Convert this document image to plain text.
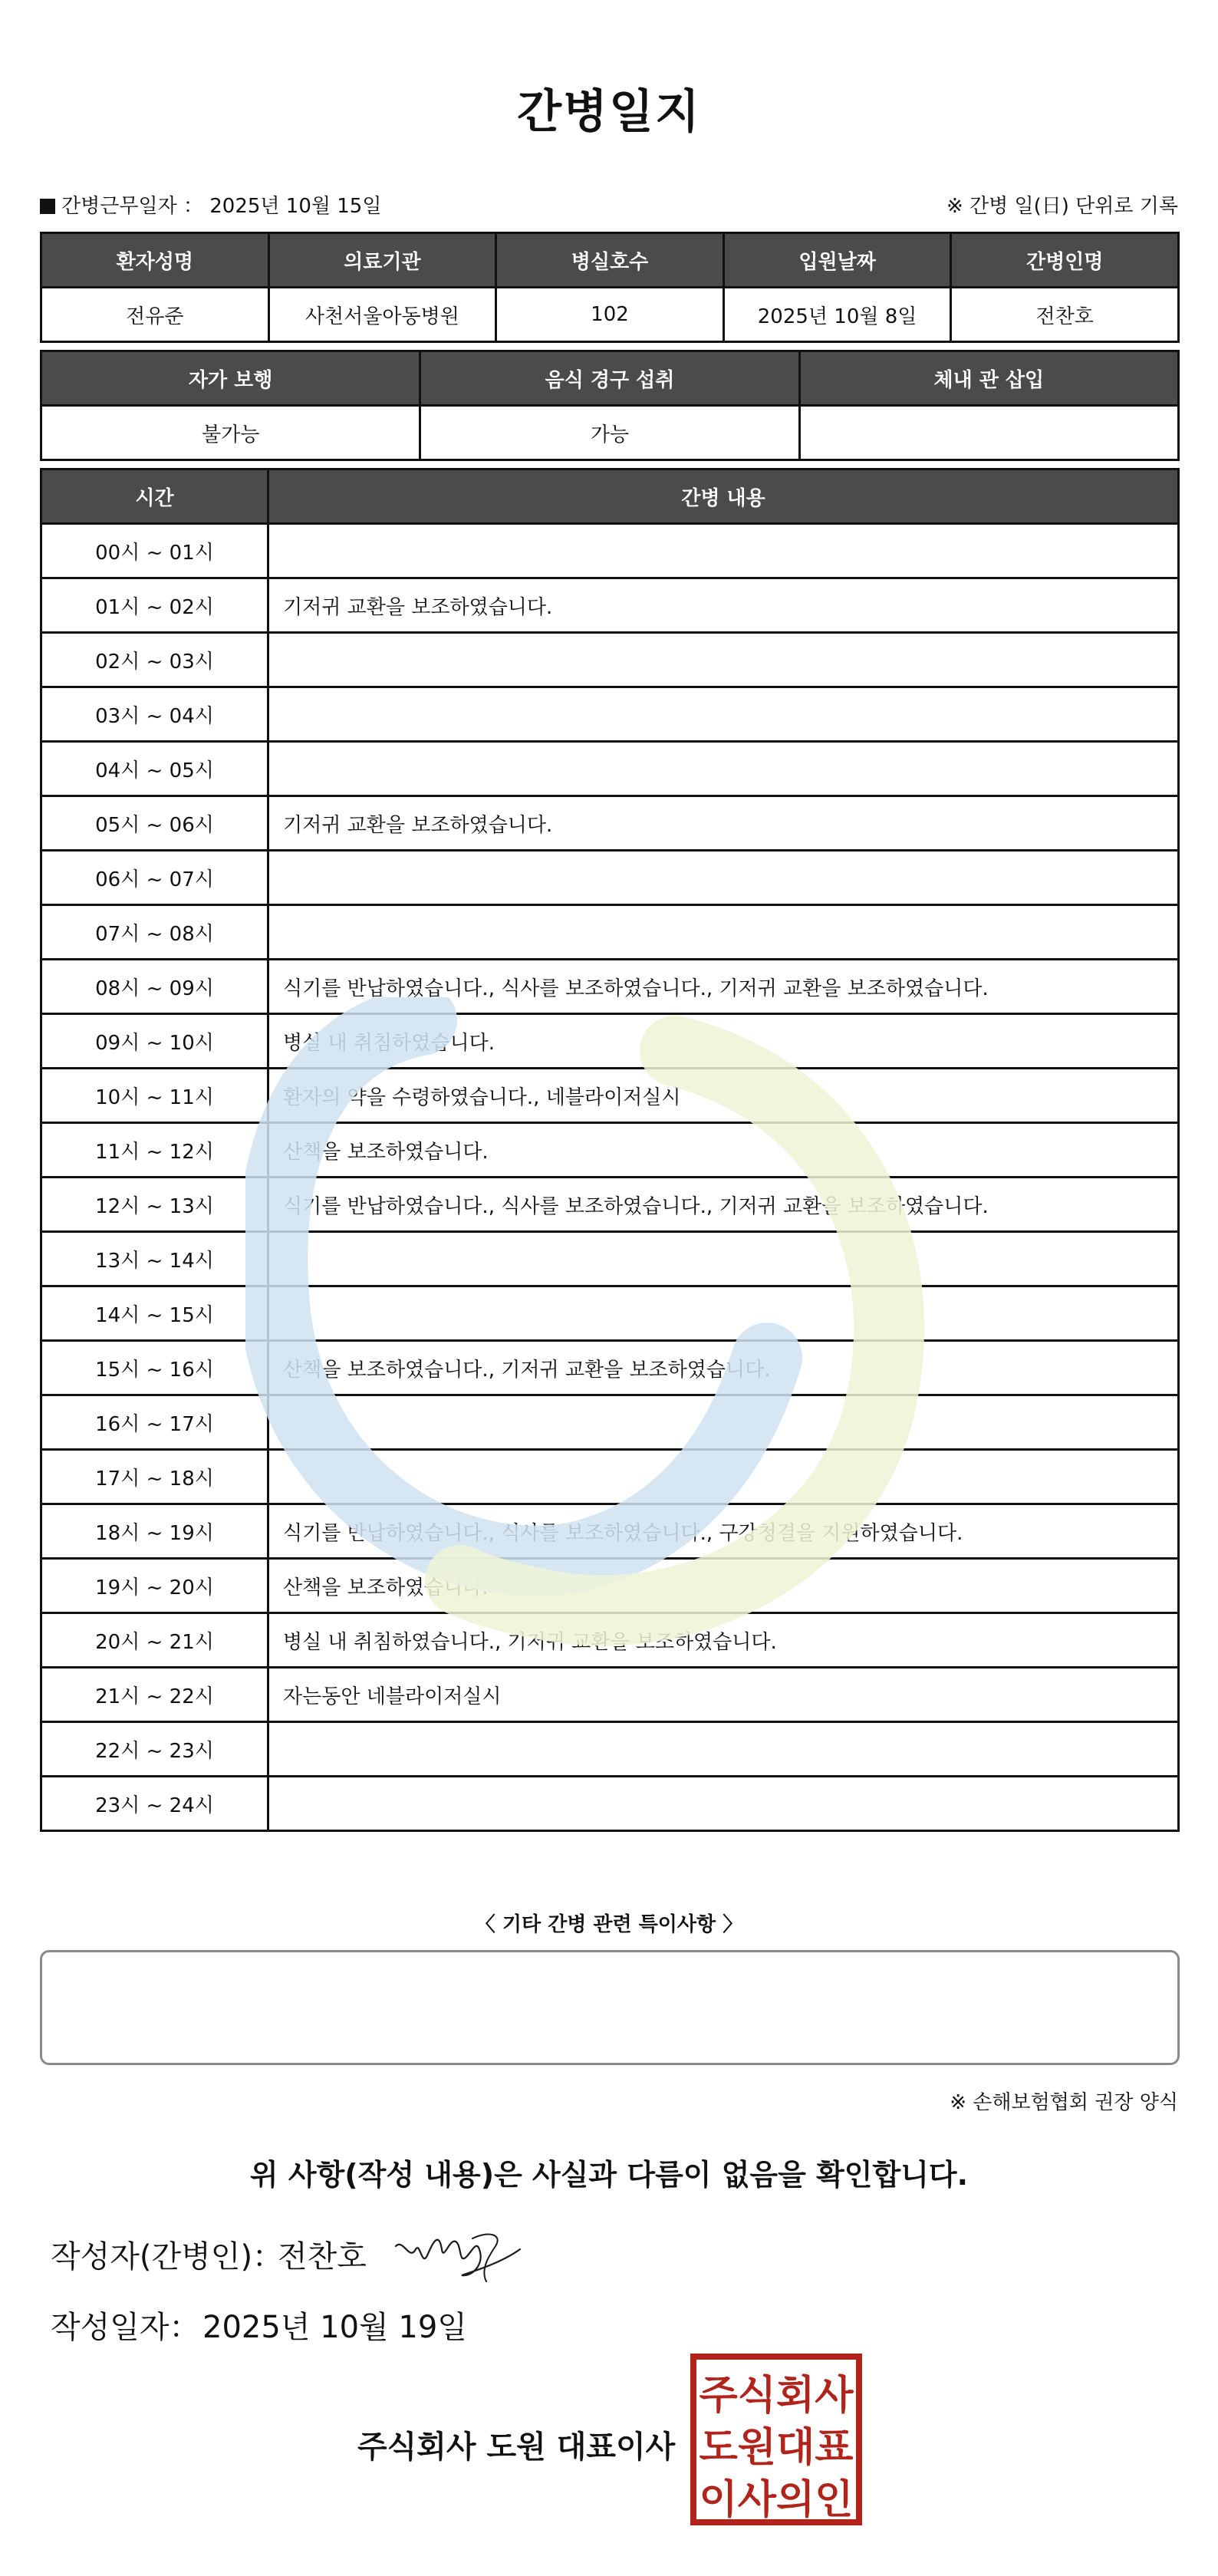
간병일지
간병근무일자 ： 2025년 10월 15일	※ 간병 일(日) 단위로 기록
환자성명	의료기관	병실호수	입원날짜	간병인명
전유준	사천서울아동병원	102	2025년 10월 8일	전찬호
자가 보행	음식 경구 섭취	체내 관 삽입
불가능	가능	
시간	간병 내용
00시 ~ 01시	
01시 ~ 02시	기저귀 교환을 보조하였습니다.
02시 ~ 03시	
03시 ~ 04시	
04시 ~ 05시	
05시 ~ 06시	기저귀 교환을 보조하였습니다.
06시 ~ 07시	
07시 ~ 08시	
08시 ~ 09시	식기를 반납하였습니다., 식사를 보조하였습니다., 기저귀 교환을 보조하였습니다.
09시 ~ 10시	병실 내 취침하였습니다.
10시 ~ 11시	환자의 약을 수령하였습니다., 네블라이저실시
11시 ~ 12시	산책을 보조하였습니다.
12시 ~ 13시	식기를 반납하였습니다., 식사를 보조하였습니다., 기저귀 교환을 보조하였습니다.
13시 ~ 14시	
14시 ~ 15시	
15시 ~ 16시	산책을 보조하였습니다., 기저귀 교환을 보조하였습니다.
16시 ~ 17시	
17시 ~ 18시	
18시 ~ 19시	식기를 반납하였습니다., 식사를 보조하였습니다., 구강청결을 지원하였습니다.
19시 ~ 20시	산책을 보조하였습니다.
20시 ~ 21시	병실 내 취침하였습니다., 기저귀 교환을 보조하였습니다.
21시 ~ 22시	자는동안 네블라이저실시
22시 ~ 23시	
23시 ~ 24시	
〈 기타 간병 관련 특이사항 〉
※ 손해보험협회 권장 양식
위 사항(작성 내용)은 사실과 다름이 없음을 확인합니다.
작성자(간병인)：
전찬호
작성일자： 2025년 10월 19일
주식회사 도원 대표이사
주식회사
도원대표
이사의인
